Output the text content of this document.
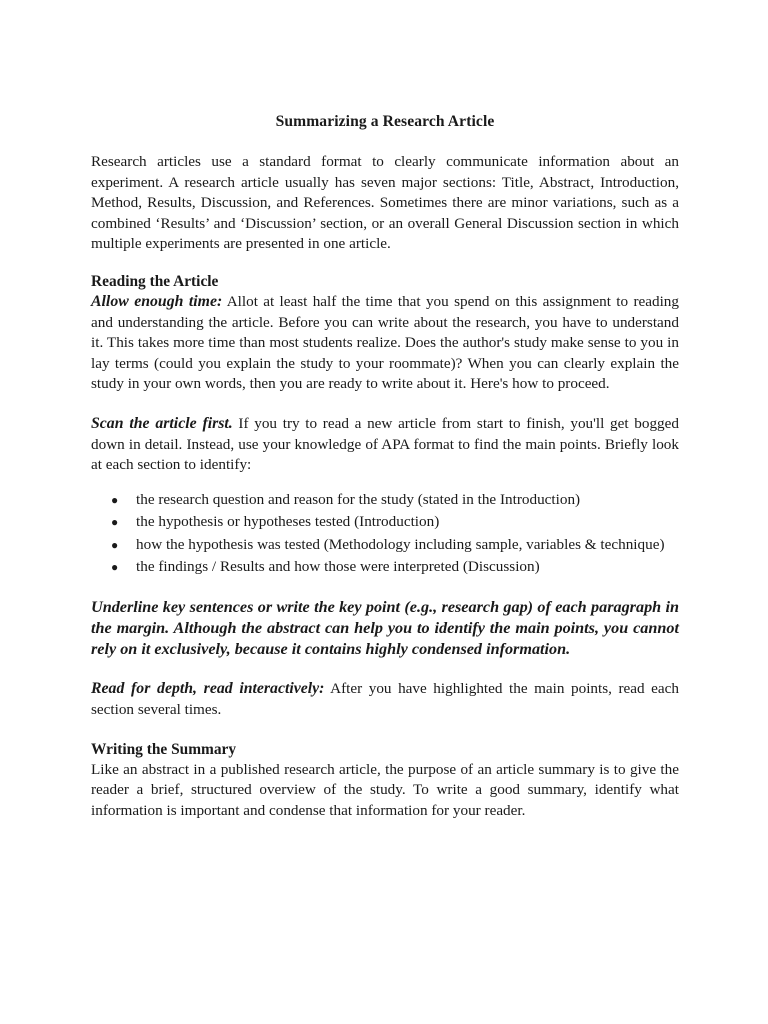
Summarizing a Research Article

Research articles use a standard format to clearly communicate information about an experiment. A research article usually has seven major sections: Title, Abstract, Introduction, Method, Results, Discussion, and References. Sometimes there are minor variations, such as a combined ‘Results’ and ‘Discussion’ section, or an overall General Discussion section in which multiple experiments are presented in one article.

Reading the Article

Allow enough time: Allot at least half the time that you spend on this assignment to reading and understanding the article. Before you can write about the research, you have to understand it. This takes more time than most students realize. Does the author's study make sense to you in lay terms (could you explain the study to your roommate)? When you can clearly explain the study in your own words, then you are ready to write about it. Here's how to proceed.

Scan the article first. If you try to read a new article from start to finish, you'll get bogged down in detail. Instead, use your knowledge of APA format to find the main points. Briefly look at each section to identify:

● the research question and reason for the study (stated in the Introduction)
● the hypothesis or hypotheses tested (Introduction)
● how the hypothesis was tested (Methodology including sample, variables & technique)
● the findings / Results and how those were interpreted (Discussion)

Underline key sentences or write the key point (e.g., research gap) of each paragraph in the margin. Although the abstract can help you to identify the main points, you cannot rely on it exclusively, because it contains highly condensed information.

Read for depth, read interactively: After you have highlighted the main points, read each section several times.

Writing the Summary

Like an abstract in a published research article, the purpose of an article summary is to give the reader a brief, structured overview of the study. To write a good summary, identify what information is important and condense that information for your reader.
